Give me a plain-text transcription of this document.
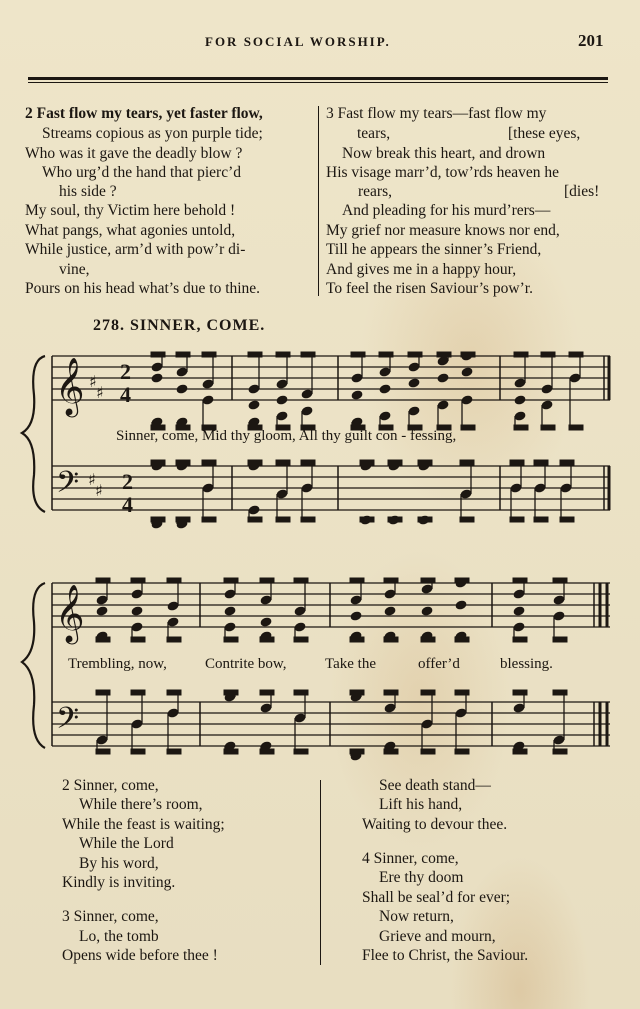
FOR SOCIAL WORSHIP.	201
2 Fast flow my tears, yet faster flow,
Streams copious as yon purple tide;
Who was it gave the deadly blow ?
Who urg’d the hand that pierc’d
his side ?
My soul, thy Victim here behold !
What pangs, what agonies untold,
While justice, arm’d with pow’r di-
vine,
Pours on his head what’s due to thine.
3 Fast flow my tears—fast flow my
tears,	[these eyes,
Now break this heart, and drown
His visage marr’d, tow’rds heaven he
rears,	[dies!
And pleading for his murd’rers—
My grief nor measure knows nor end,
Till he appears the sinner’s Friend,
And gives me in a happy hour,
To feel the risen Saviour’s pow’r.
278. SINNER, COME.
𝄞
𝄢
♯
♯
♯
♯
2
4
2
4
𝄞
𝄢
Sinner, come, Mid thy gloom, All thy guilt con - fessing,
Trembling, now,	Contrite bow,	Take the	offer’d	blessing.
2 Sinner, come,
While there’s room,
While the feast is waiting;
While the Lord
By his word,
Kindly is inviting.
3 Sinner, come,
Lo, the tomb
Opens wide before thee !
See death stand—
Lift his hand,
Waiting to devour thee.
4 Sinner, come,
Ere thy doom
Shall be seal’d for ever;
Now return,
Grieve and mourn,
Flee to Christ, the Saviour.
